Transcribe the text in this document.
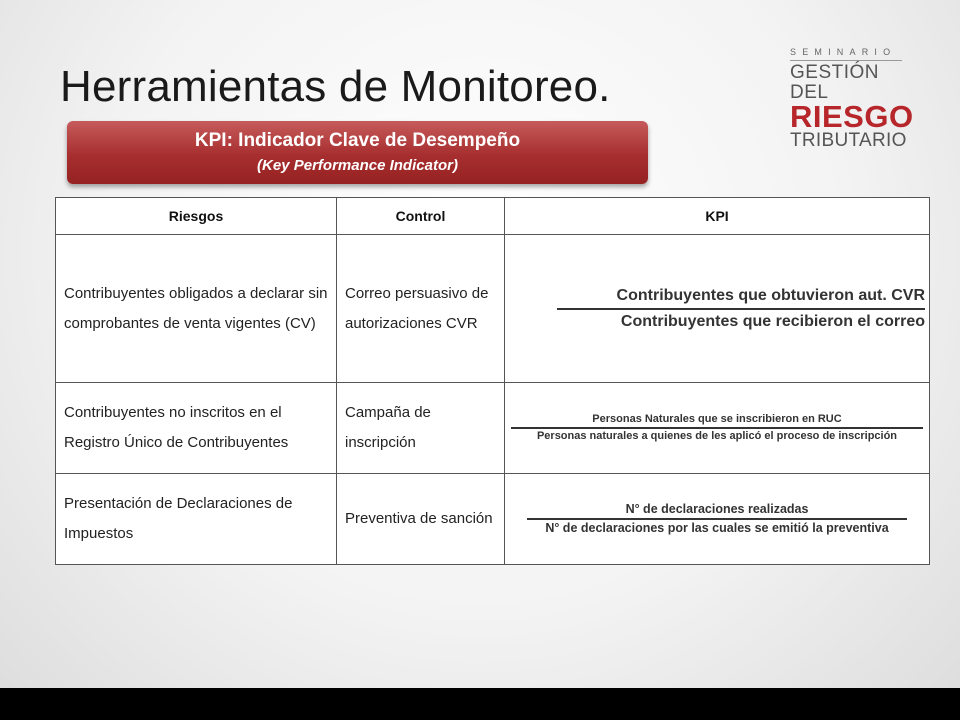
Herramientas de Monitoreo.
SEMINARIO
GESTIÓN DEL
RIESGO
TRIBUTARIO
KPI: Indicador Clave de Desempeño
(Key Performance Indicator)
Riesgos	Control	KPI
Contribuyentes obligados a declarar sin comprobantes de venta vigentes (CV)	Correo persuasivo de autorizaciones CVR	Contribuyentes que obtuvieron aut. CVR
Contribuyentes que recibieron el correo

Contribuyentes no inscritos en el Registro Único de Contribuyentes	Campaña de inscripción	Personas Naturales que se inscribieron en RUC
Personas naturales a quienes de les aplicó el proceso de inscripción

Presentación de Declaraciones de Impuestos	Preventiva de sanción	N° de declaraciones realizadas
N° de declaraciones por las cuales se emitió la preventiva
